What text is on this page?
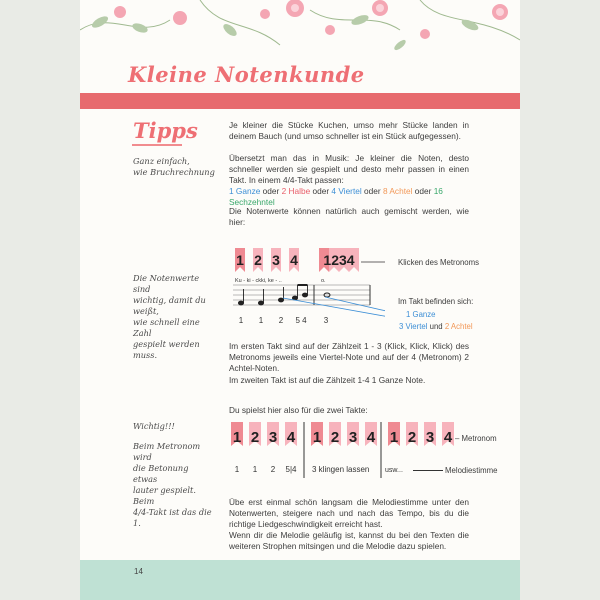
Kleine Notenkunde
Tipps
Ganz einfach,
wie Bruchrechnung
Die Notenwerte sind
wichtig, damit du weißt,
wie schnell eine Zahl
gespielt werden muss.
Wichtig!!!
Beim Metronom wird
die Betonung etwas
lauter gespielt. Beim
4/4-Takt ist das die 1.

Je kleiner die Stücke Kuchen, umso mehr Stücke landen in deinem Bauch (und umso schneller ist ein Stück aufgegessen).

Übersetzt man das in Musik: Je kleiner die Noten, desto schneller werden sie gespielt und desto mehr passen in einen Takt. In einem 4/4-Takt passen:

1 Ganze oder 2 Halbe oder 4 Viertel oder 8 Achtel oder 16 Sechzehntel

Die Notenwerte können natürlich auch gemischt werden, wie hier:

1 2 3 4 1234
Ku - ki - ckki, ke - ..	o.
1 1 2 5 4 3
Klicken des Metronoms
Im Takt befinden sich:
1 Ganze
3 Viertel und 2 Achtel

Im ersten Takt sind auf der Zählzeit 1 - 3 (Klick, Klick, Klick) des Metronoms jeweils eine Viertel-Note und auf der 4 (Metronom) 2 Achtel-Noten.

Im zweiten Takt ist auf die Zählzeit 1-4 1 Ganze Note.

Du spielst hier also für die zwei Takte:

1 2 3 4 1 2 3 4 1 2 3 4
1 1 2 5|4 3 klingen lassen usw...
– Metronom
Melodiestimme

Übe erst einmal schön langsam die Melodiestimme unter den Notenwerten, steigere nach und nach das Tempo, bis du die richtige Liedgeschwindigkeit erreicht hast.

Wenn dir die Melodie geläufig ist, kannst du bei den Texten die weiteren Strophen mitsingen und die Melodie dazu spielen.

14
